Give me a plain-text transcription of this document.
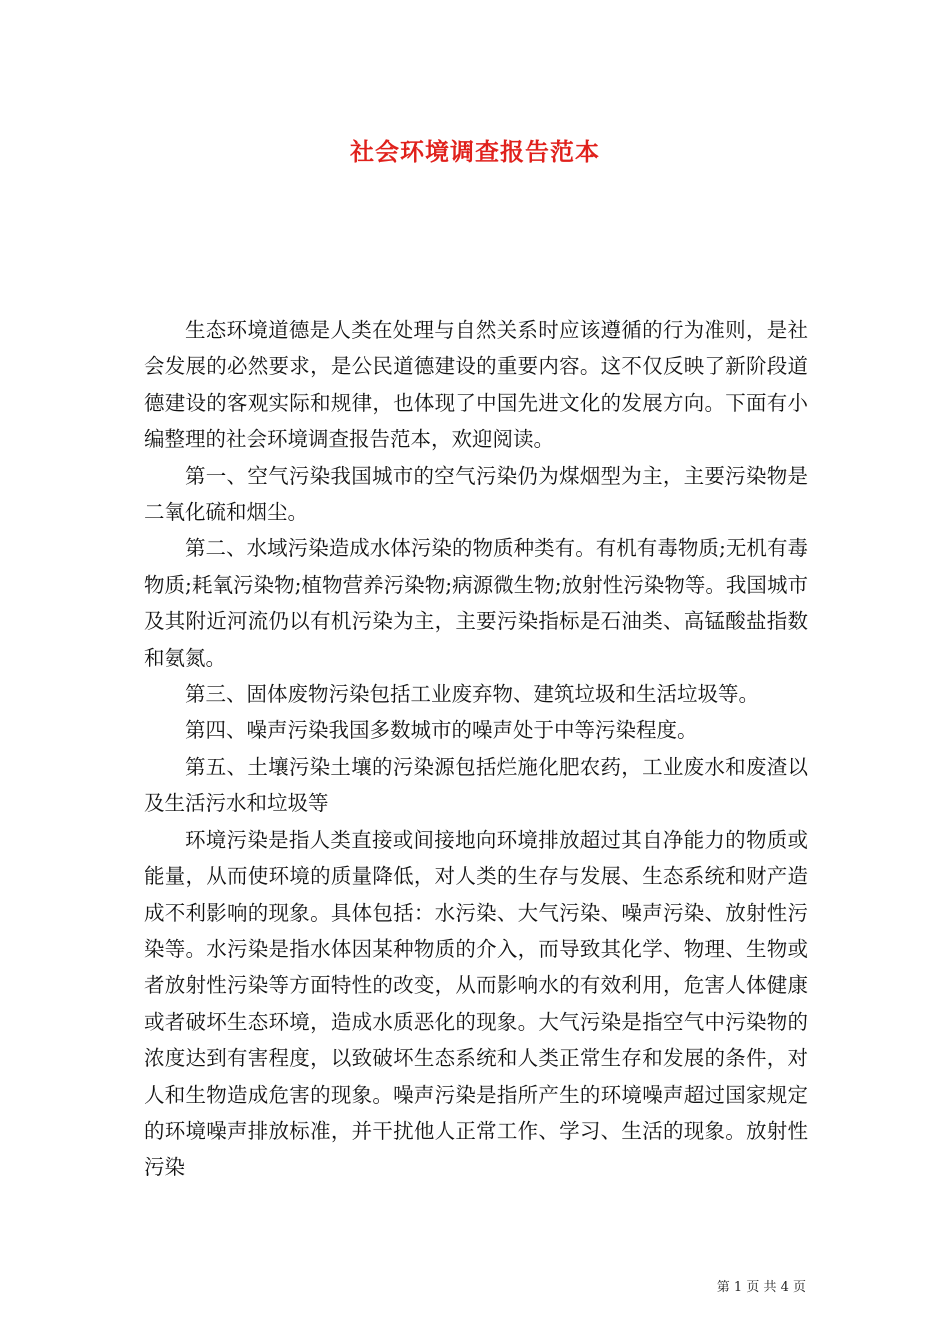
社会环境调查报告范本

生态环境道德是人类在处理与自然关系时应该遵循的行为准则，是社会发展的必然要求，是公民道德建设的重要内容。这不仅反映了新阶段道德建设的客观实际和规律，也体现了中国先进文化的发展方向。下面有小编整理的社会环境调查报告范本，欢迎阅读。

第一、空气污染我国城市的空气污染仍为煤烟型为主，主要污染物是二氧化硫和烟尘。

第二、水域污染造成水体污染的物质种类有。有机有毒物质;无机有毒物质;耗氧污染物;植物营养污染物;病源微生物;放射性污染物等。我国城市及其附近河流仍以有机污染为主，主要污染指标是石油类、高锰酸盐指数和氨氮。

第三、固体废物污染包括工业废弃物、建筑垃圾和生活垃圾等。

第四、噪声污染我国多数城市的噪声处于中等污染程度。

第五、土壤污染土壤的污染源包括烂施化肥农药，工业废水和废渣以及生活污水和垃圾等

环境污染是指人类直接或间接地向环境排放超过其自净能力的物质或能量，从而使环境的质量降低，对人类的生存与发展、生态系统和财产造成不利影响的现象。具体包括：水污染、大气污染、噪声污染、放射性污染等。水污染是指水体因某种物质的介入，而导致其化学、物理、生物或者放射性污染等方面特性的改变，从而影响水的有效利用，危害人体健康或者破坏生态环境，造成水质恶化的现象。大气污染是指空气中污染物的浓度达到有害程度，以致破坏生态系统和人类正常生存和发展的条件，对人和生物造成危害的现象。噪声污染是指所产生的环境噪声超过国家规定的环境噪声排放标准，并干扰他人正常工作、学习、生活的现象。放射性污染

第 1 页 共 4 页
